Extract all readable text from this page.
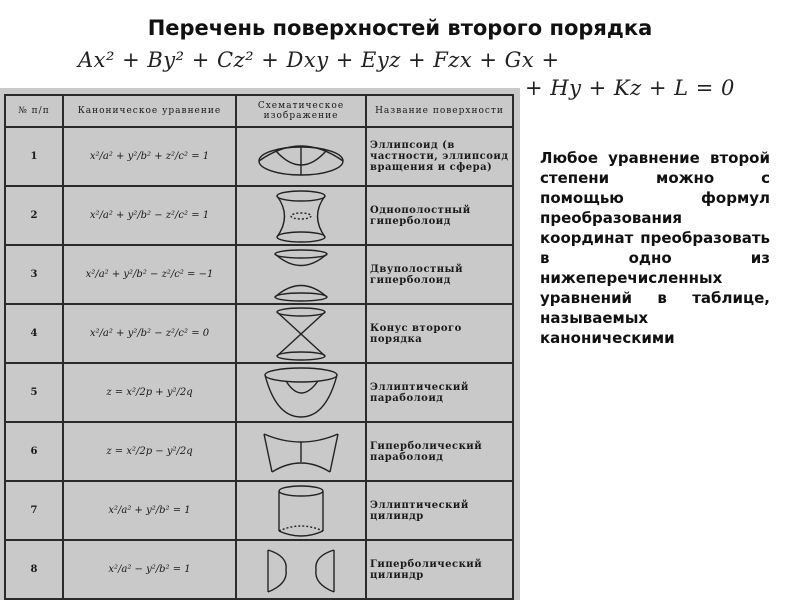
Перечень поверхностей второго порядка
Ax² + By² + Cz² + Dxy + Eyz + Fzx + Gx +
+ Hy + Kz + L = 0
№ п/п	Каноническое уравнение	Схематическое изображение	Название поверхности
1	x²/a² + y²/b² + z²/c² = 1		Эллипсоид (в частности, эллипсоид вращения и сфера)
2	x²/a² + y²/b² − z²/c² = 1		Однополостный гиперболоид
3	x²/a² + y²/b² − z²/c² = −1		Двуполостный гиперболоид
4	x²/a² + y²/b² − z²/c² = 0		Конус второго порядка
5	z = x²/2p + y²/2q		Эллиптический параболоид
6	z = x²/2p − y²/2q		Гиперболический параболоид
7	x²/a² + y²/b² = 1		Эллиптический цилиндр
8	x²/a² − y²/b² = 1		Гиперболический цилиндр
Любое уравнение второй степени можно с помощью формул преобразования координат преобразовать в одно из нижеперечисленных уравнений в таблице, называемых каноническими
